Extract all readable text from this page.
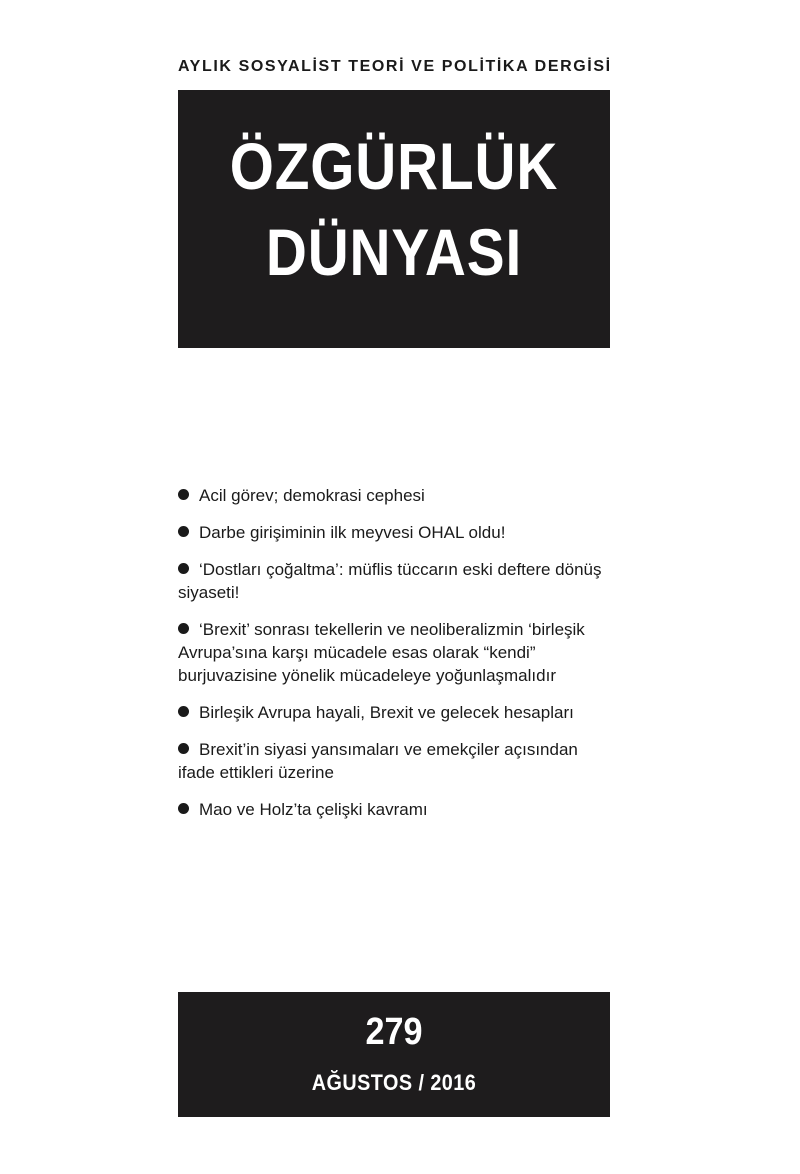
AYLIK SOSYALİST TEORİ VE POLİTİKA DERGİSİ
ÖZGÜRLÜK
DÜNYASI
Acil görev; demokrasi cephesi
Darbe girişiminin ilk meyvesi OHAL oldu!
‘Dostları çoğaltma’: müflis tüccarın eski deftere dönüş siyaseti!
‘Brexit’ sonrası tekellerin ve neoliberalizmin ‘birleşik Avrupa’sına karşı mücadele esas olarak “kendi” burjuvazisine yönelik mücadeleye yoğunlaşmalıdır
Birleşik Avrupa hayali, Brexit ve gelecek hesapları
Brexit’in siyasi yansımaları ve emekçiler açısından ifade ettikleri üzerine
Mao ve Holz’ta çelişki kavramı
279
AĞUSTOS / 2016
